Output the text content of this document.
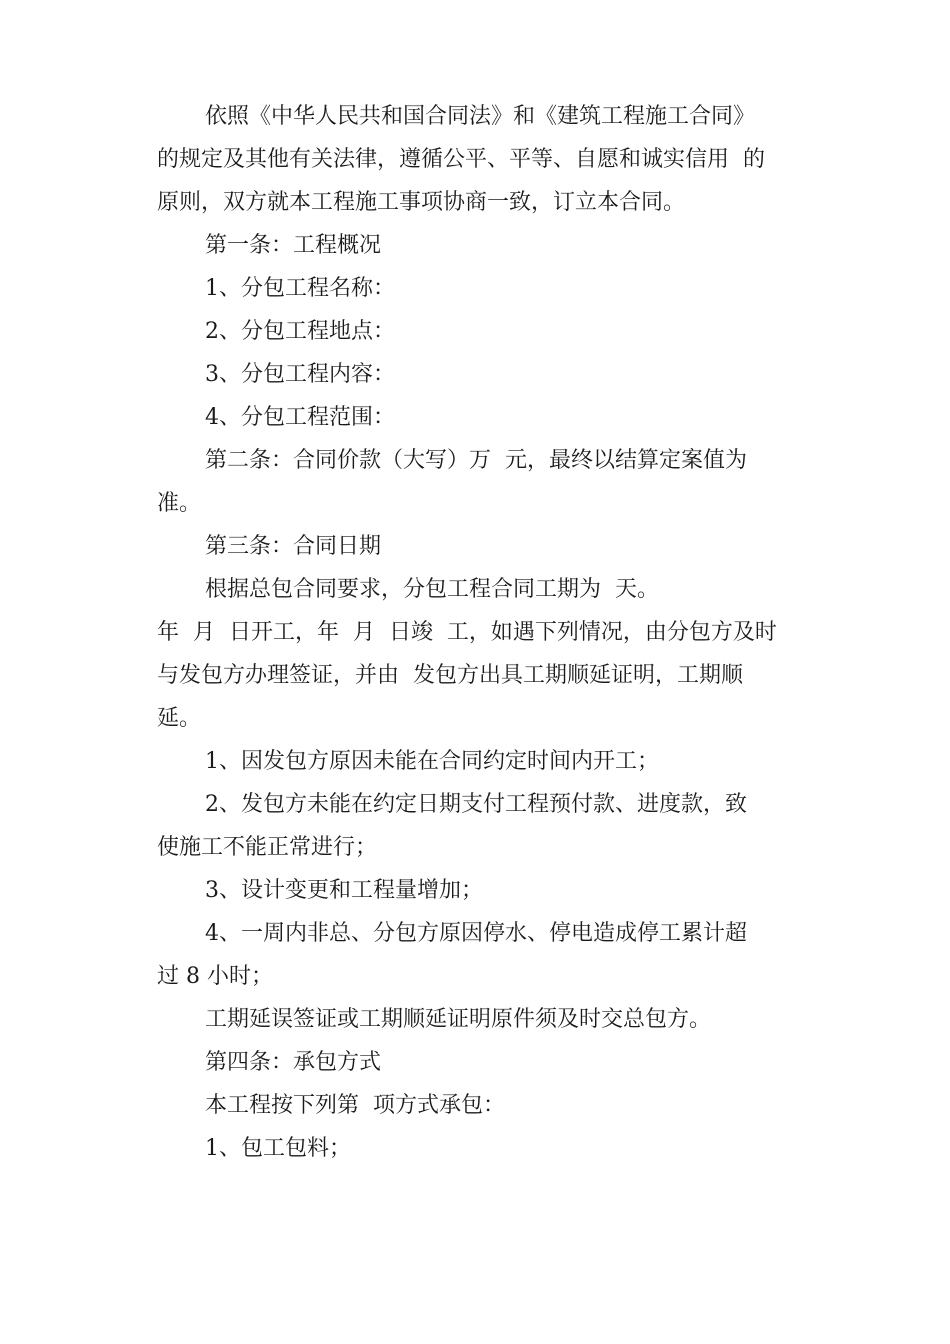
依照《中华人民共和国合同法》和《建筑工程施工合同》
的规定及其他有关法律，遵循公平、平等、自愿和诚实信用  的
原则，双方就本工程施工事项协商一致，订立本合同。
第一条：工程概况
1、分包工程名称：
2、分包工程地点：
3、分包工程内容：
4、分包工程范围：
第二条：合同价款（大写）万  元，最终以结算定案值为
准。
第三条：合同日期
根据总包合同要求，分包工程合同工期为  天。
年  月  日开工，年  月  日竣  工，如遇下列情况，由分包方及时
与发包方办理签证，并由  发包方出具工期顺延证明，工期顺
延。
1、因发包方原因未能在合同约定时间内开工；
2、发包方未能在约定日期支付工程预付款、进度款，致
使施工不能正常进行；
3、设计变更和工程量增加；
4、一周内非总、分包方原因停水、停电造成停工累计超
过 8 小时；
工期延误签证或工期顺延证明原件须及时交总包方。
第四条：承包方式
本工程按下列第  项方式承包：
1、包工包料；
